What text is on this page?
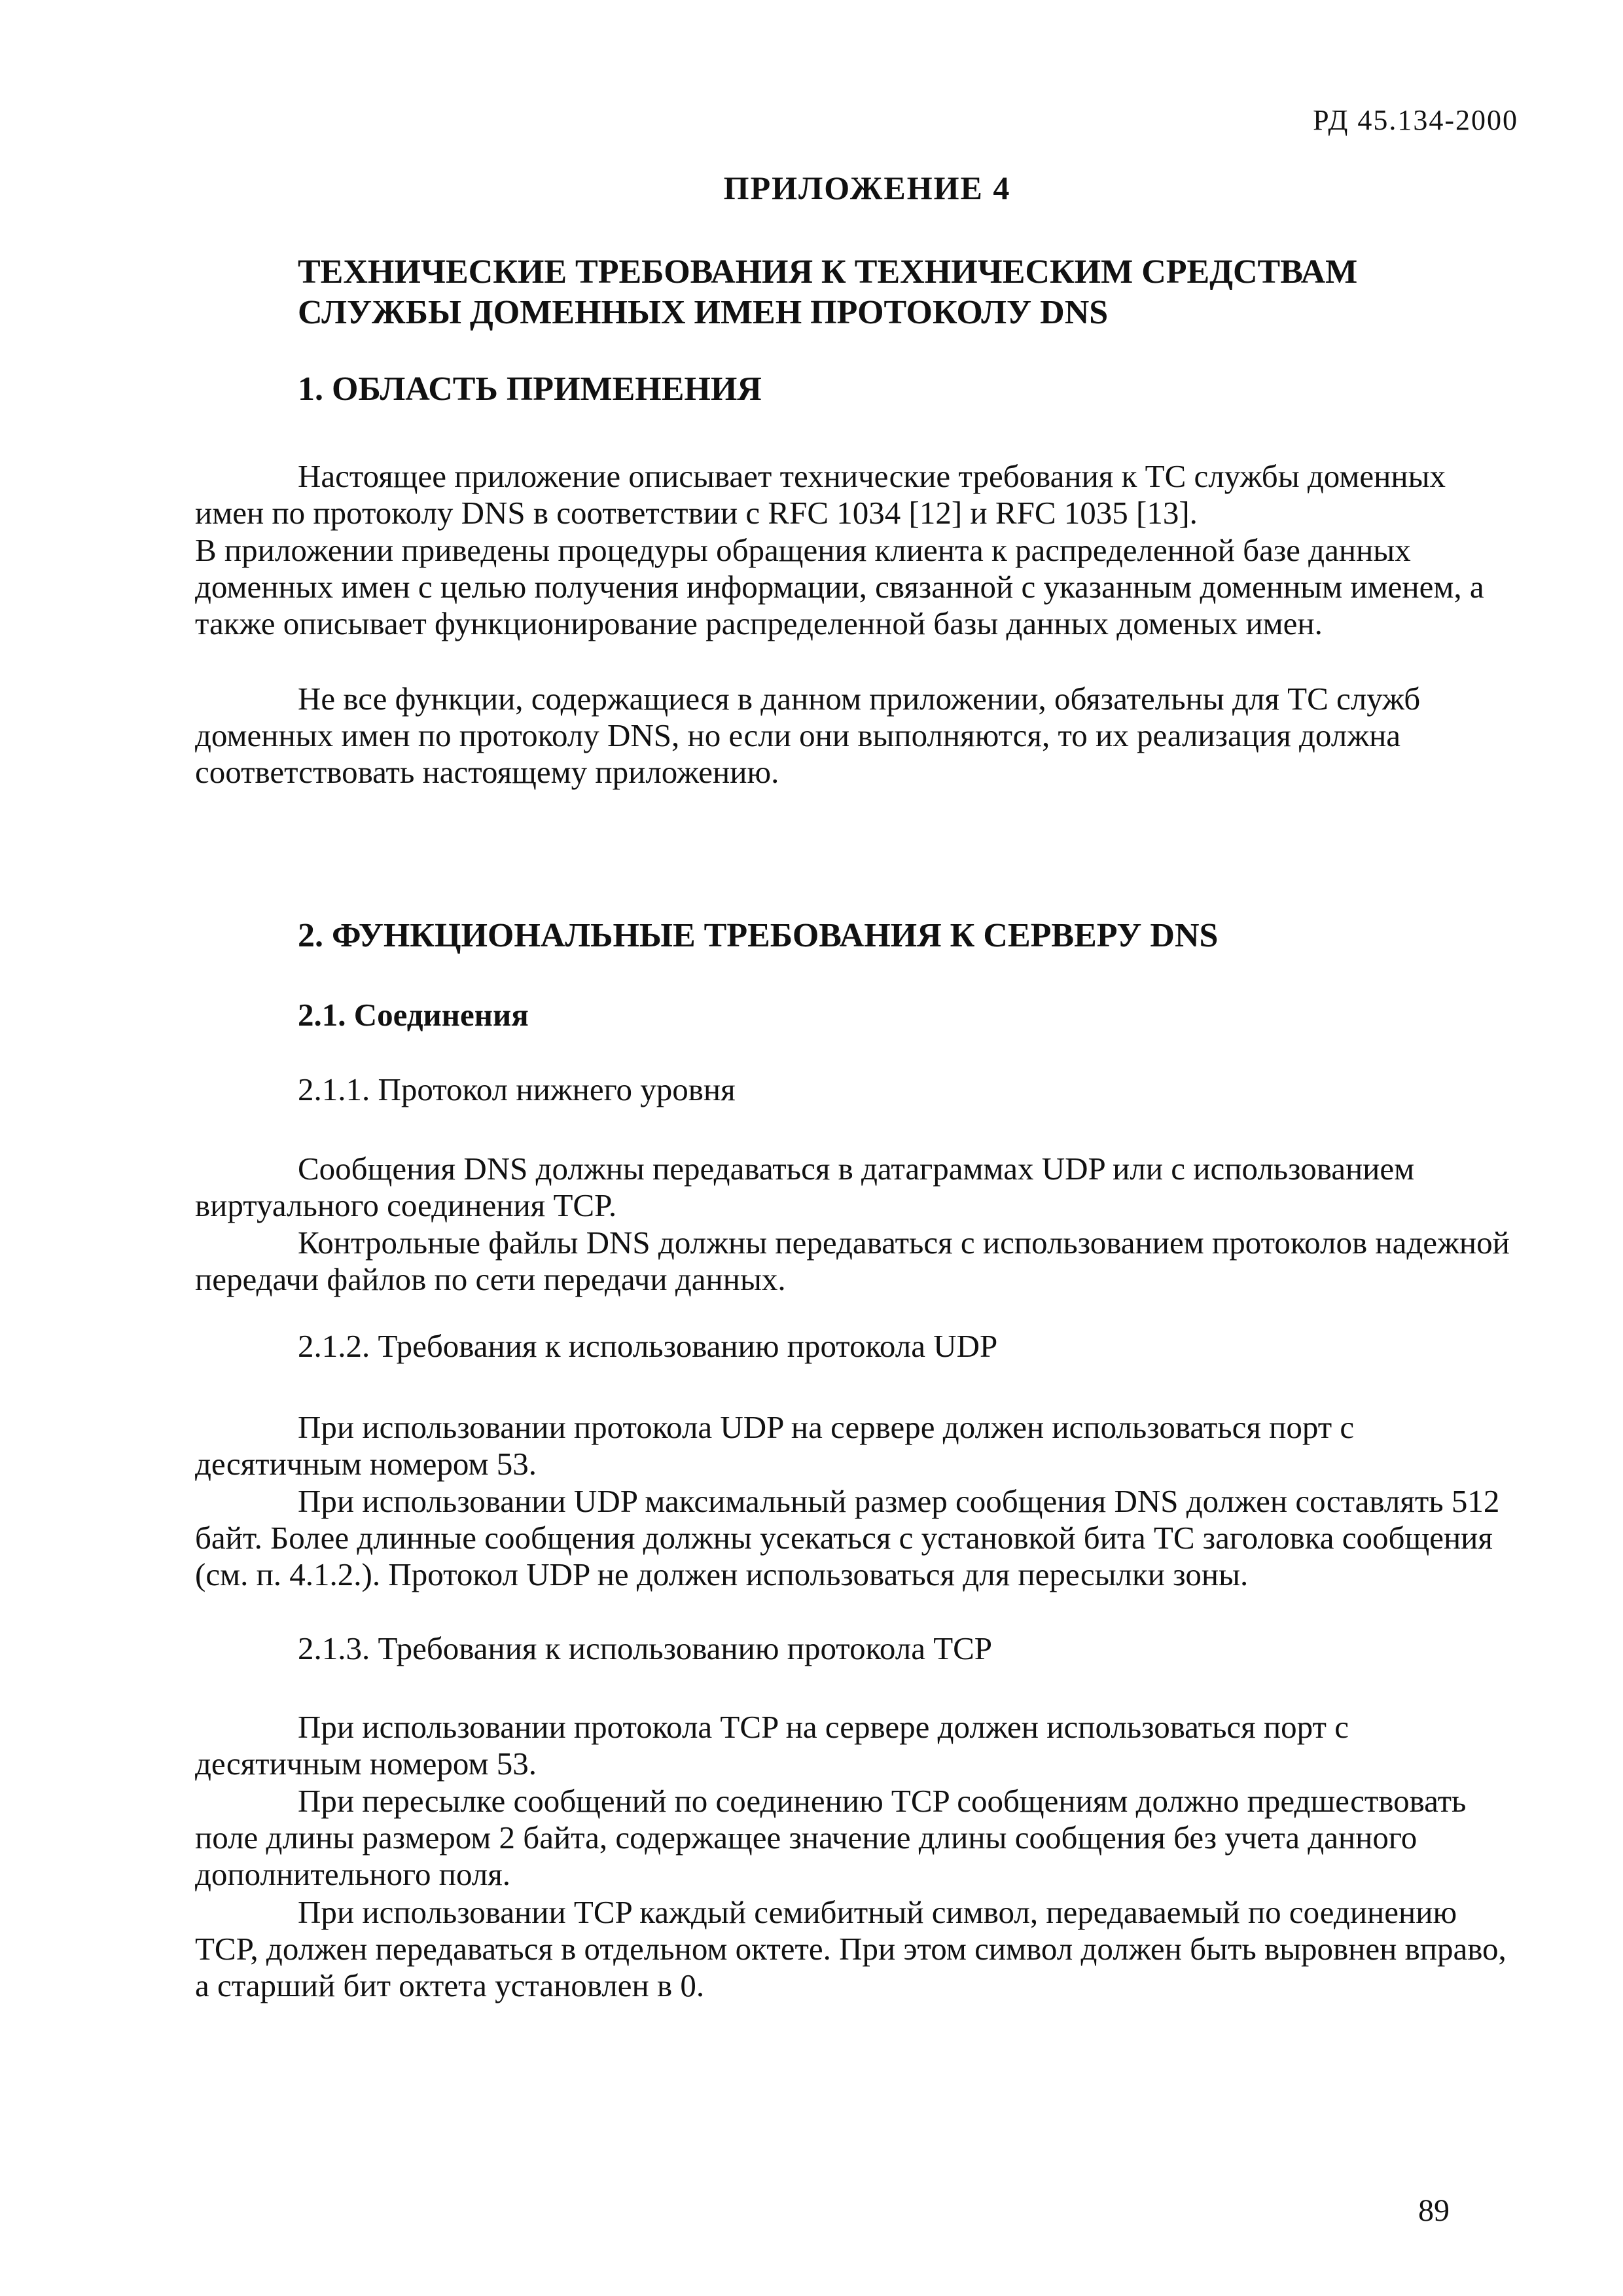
РД 45.134-2000
ПРИЛОЖЕНИЕ 4
ТЕХНИЧЕСКИЕ ТРЕБОВАНИЯ К ТЕХНИЧЕСКИМ СРЕДСТВАМ СЛУЖБЫ ДОМЕННЫХ ИМЕН ПРОТОКОЛУ DNS
1. ОБЛАСТЬ ПРИМЕНЕНИЯ
Настоящее приложение описывает технические требования к ТС службы доменных имен по протоколу DNS в соответствии с RFC 1034 [12] и RFC 1035 [13].
В приложении приведены процедуры обращения клиента к распределенной базе данных доменных имен с целью получения информации, связанной с указанным доменным именем, а также описывает функционирование распределенной базы данных доменых имен.
Не все функции, содержащиеся в данном приложении, обязательны для ТС служб доменных имен по протоколу DNS, но если они выполняются, то их реализация должна соответствовать настоящему приложению.
2. ФУНКЦИОНАЛЬНЫЕ ТРЕБОВАНИЯ К СЕРВЕРУ DNS
2.1. Соединения
2.1.1. Протокол нижнего уровня
Сообщения DNS должны передаваться в датаграммах UDP или с использованием виртуального соединения TCP.
Контрольные файлы DNS должны передаваться с использованием протоколов надежной передачи файлов по сети передачи данных.
2.1.2. Требования к использованию протокола UDP
При использовании протокола UDP на сервере должен использоваться порт с десятичным номером 53.
При использовании UDP максимальный размер сообщения DNS должен составлять 512 байт. Более длинные сообщения должны усекаться с установкой бита ТС заголовка сообщения (см. п. 4.1.2.). Протокол UDP не должен использоваться для пересылки зоны.
2.1.3. Требования к использованию протокола TCP
При использовании протокола TCP на сервере должен использоваться порт с десятичным номером 53.
При пересылке сообщений по соединению TCP сообщениям должно предшествовать поле длины размером 2 байта, содержащее значение длины сообщения без учета данного дополнительного поля.
При использовании TCP каждый семибитный символ, передаваемый по соединению TCP, должен передаваться в отдельном октете. При этом символ должен быть выровнен вправо, а старший бит октета установлен в 0.
89
